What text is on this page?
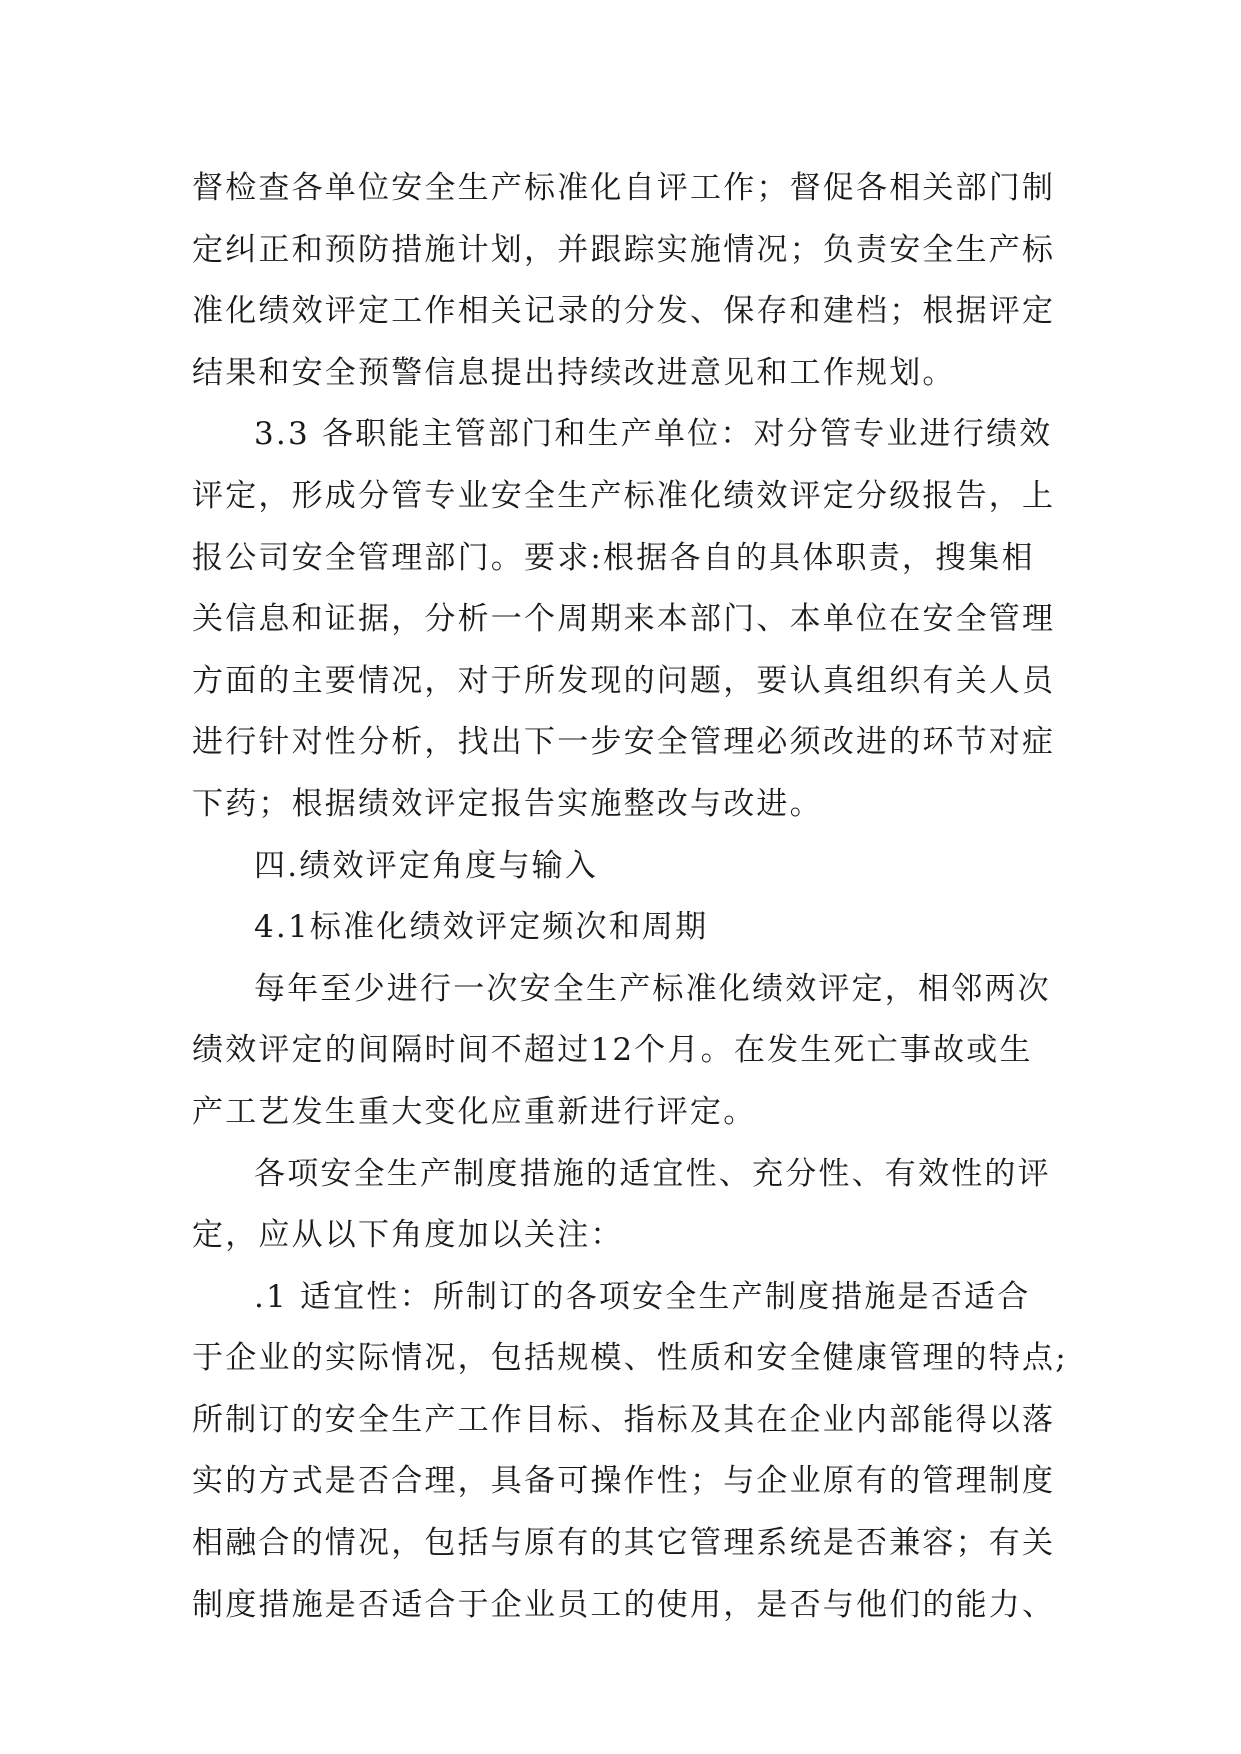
督检查各单位安全生产标准化自评工作；督促各相关部门制
定纠正和预防措施计划，并跟踪实施情况；负责安全生产标
准化绩效评定工作相关记录的分发、保存和建档；根据评定
结果和安全预警信息提出持续改进意见和工作规划。
3.3 各职能主管部门和生产单位：对分管专业进行绩效
评定，形成分管专业安全生产标准化绩效评定分级报告，上
报公司安全管理部门。要求:根据各自的具体职责，搜集相
关信息和证据，分析一个周期来本部门、本单位在安全管理
方面的主要情况，对于所发现的问题，要认真组织有关人员
进行针对性分析，找出下一步安全管理必须改进的环节对症
下药；根据绩效评定报告实施整改与改进。
四.绩效评定角度与输入
4.1标准化绩效评定频次和周期
每年至少进行一次安全生产标准化绩效评定，相邻两次
绩效评定的间隔时间不超过12个月。在发生死亡事故或生
产工艺发生重大变化应重新进行评定。
各项安全生产制度措施的适宜性、充分性、有效性的评
定，应从以下角度加以关注：
.1 适宜性：所制订的各项安全生产制度措施是否适合
于企业的实际情况，包括规模、性质和安全健康管理的特点;
所制订的安全生产工作目标、指标及其在企业内部能得以落
实的方式是否合理，具备可操作性；与企业原有的管理制度
相融合的情况，包括与原有的其它管理系统是否兼容；有关
制度措施是否适合于企业员工的使用，是否与他们的能力、
